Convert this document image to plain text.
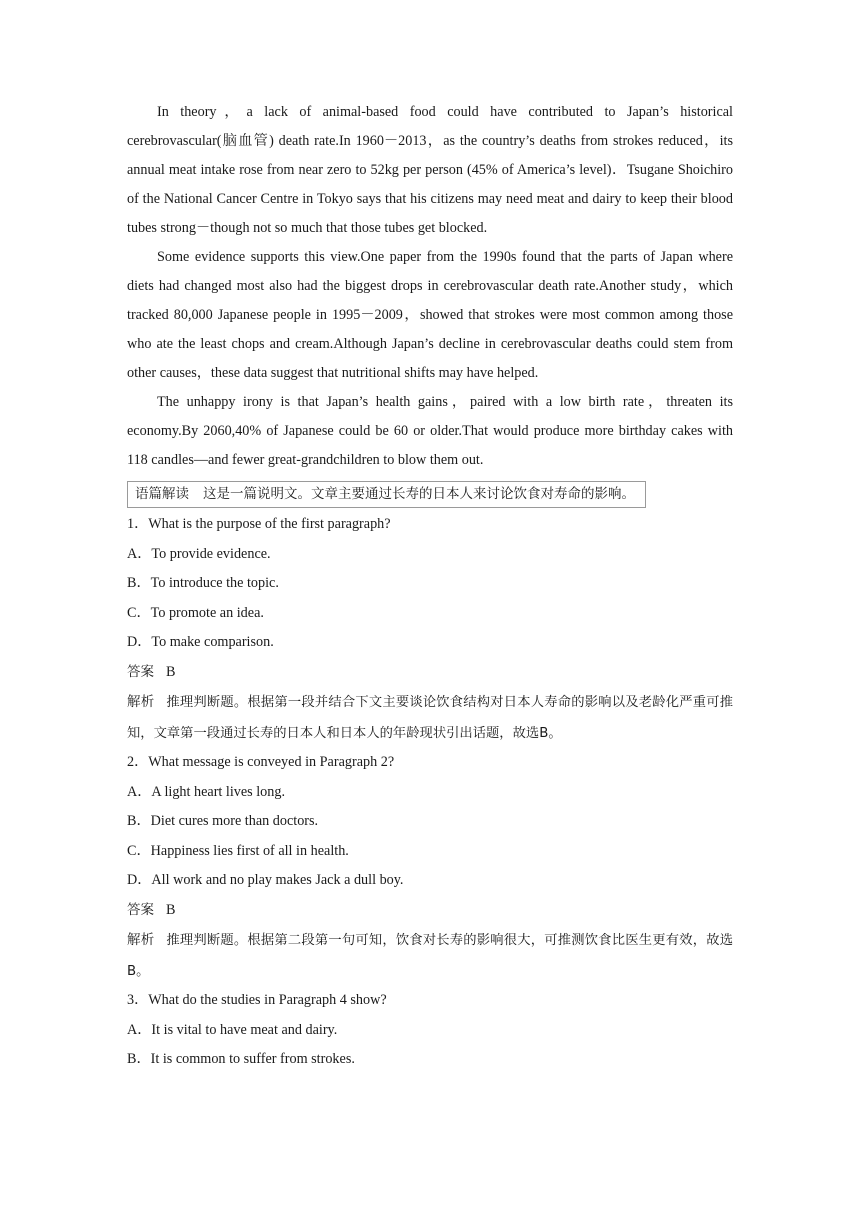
In theory，a lack of animal-based food could have contributed to Japan’s historical cerebrovascular(脑血管) death rate.In 1960－2013，as the country’s deaths from strokes reduced，its annual meat intake rose from near zero to 52kg per person (45% of America’s level)．Tsugane Shoichiro of the National Cancer Centre in Tokyo says that his citizens may need meat and dairy to keep their blood tubes strong－though not so much that those tubes get blocked.

Some evidence supports this view.One paper from the 1990s found that the parts of Japan where diets had changed most also had the biggest drops in cerebrovascular death rate.Another study，which tracked 80,000 Japanese people in 1995－2009，showed that strokes were most common among those who ate the least chops and cream.Although Japan’s decline in cerebrovascular deaths could stem from other causes，these data suggest that nutritional shifts may have helped.

The unhappy irony is that Japan’s health gains，paired with a low birth rate，threaten its economy.By 2060,40% of Japanese could be 60 or older.That would produce more birthday cakes with 118 candles—and fewer great-grandchildren to blow them out.

语篇解读 这是一篇说明文。文章主要通过长寿的日本人来讨论饮食对寿命的影响。

1．What is the purpose of the first paragraph?

A．To provide evidence.

B．To introduce the topic.

C．To promote an idea.

D．To make comparison.

答案 B

解析 推理判断题。根据第一段并结合下文主要谈论饮食结构对日本人寿命的影响以及老龄化严重可推知，文章第一段通过长寿的日本人和日本人的年龄现状引出话题，故选B。

2．What message is conveyed in Paragraph 2?

A．A light heart lives long.

B．Diet cures more than doctors.

C．Happiness lies first of all in health.

D．All work and no play makes Jack a dull boy.

答案 B

解析 推理判断题。根据第二段第一句可知，饮食对长寿的影响很大，可推测饮食比医生更有效，故选B。

3．What do the studies in Paragraph 4 show?

A．It is vital to have meat and dairy.

B．It is common to suffer from strokes.
